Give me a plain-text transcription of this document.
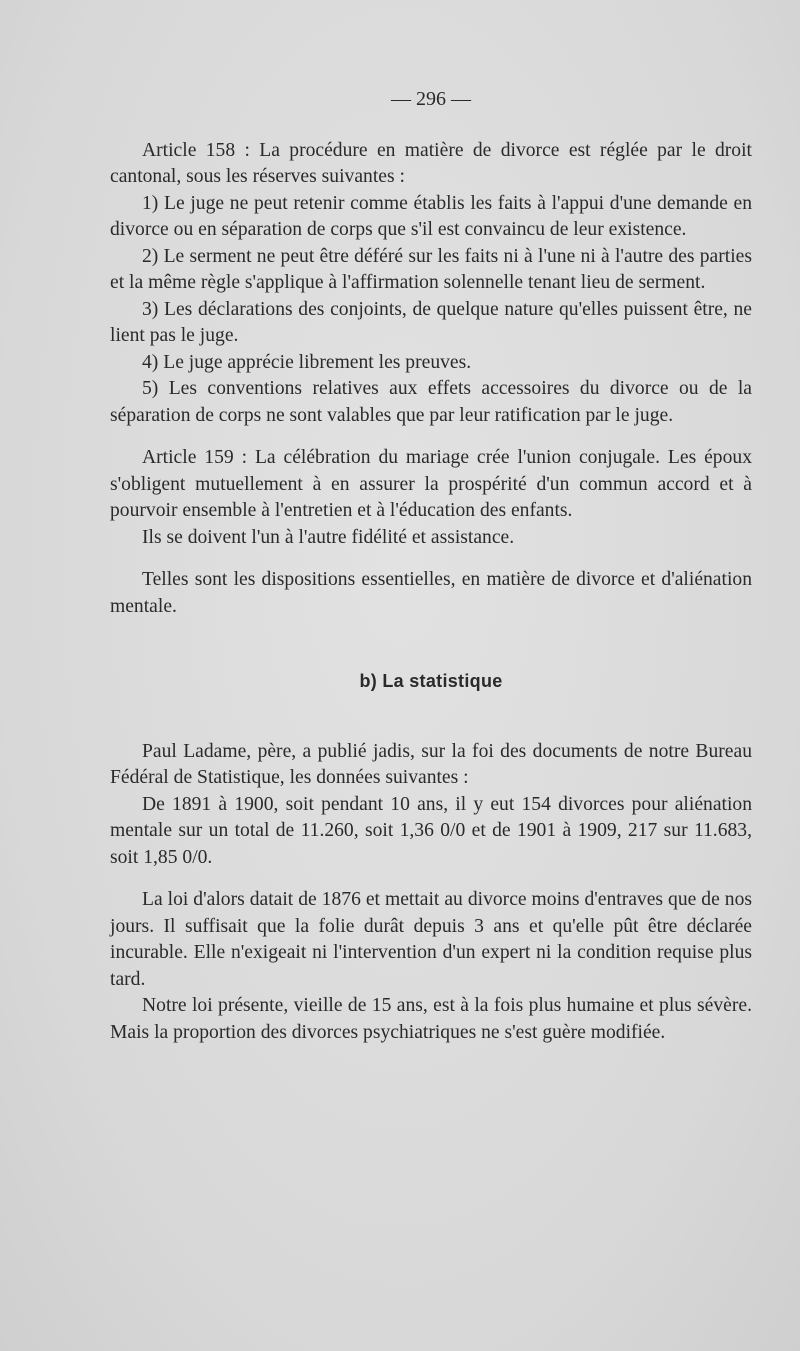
— 296 —

Article 158 : La procédure en matière de divorce est réglée par le droit cantonal, sous les réserves suivantes :

1) Le juge ne peut retenir comme établis les faits à l'appui d'une demande en divorce ou en séparation de corps que s'il est convaincu de leur existence.

2) Le serment ne peut être déféré sur les faits ni à l'une ni à l'autre des parties et la même règle s'applique à l'affirmation solennelle tenant lieu de serment.

3) Les déclarations des conjoints, de quelque nature qu'elles puissent être, ne lient pas le juge.

4) Le juge apprécie librement les preuves.

5) Les conventions relatives aux effets accessoires du divorce ou de la séparation de corps ne sont valables que par leur ratification par le juge.

Article 159 : La célébration du mariage crée l'union conjugale. Les époux s'obligent mutuellement à en assurer la prospérité d'un commun accord et à pourvoir ensemble à l'entretien et à l'éducation des enfants.

Ils se doivent l'un à l'autre fidélité et assistance.

Telles sont les dispositions essentielles, en matière de divorce et d'aliénation mentale.

b) La statistique

Paul Ladame, père, a publié jadis, sur la foi des documents de notre Bureau Fédéral de Statistique, les données suivantes :

De 1891 à 1900, soit pendant 10 ans, il y eut 154 divorces pour aliénation mentale sur un total de 11.260, soit 1,36 0/0 et de 1901 à 1909, 217 sur 11.683, soit 1,85 0/0.

La loi d'alors datait de 1876 et mettait au divorce moins d'entraves que de nos jours. Il suffisait que la folie durât depuis 3 ans et qu'elle pût être déclarée incurable. Elle n'exigeait ni l'intervention d'un expert ni la condition requise plus tard.

Notre loi présente, vieille de 15 ans, est à la fois plus humaine et plus sévère. Mais la proportion des divorces psychiatriques ne s'est guère modifiée.
